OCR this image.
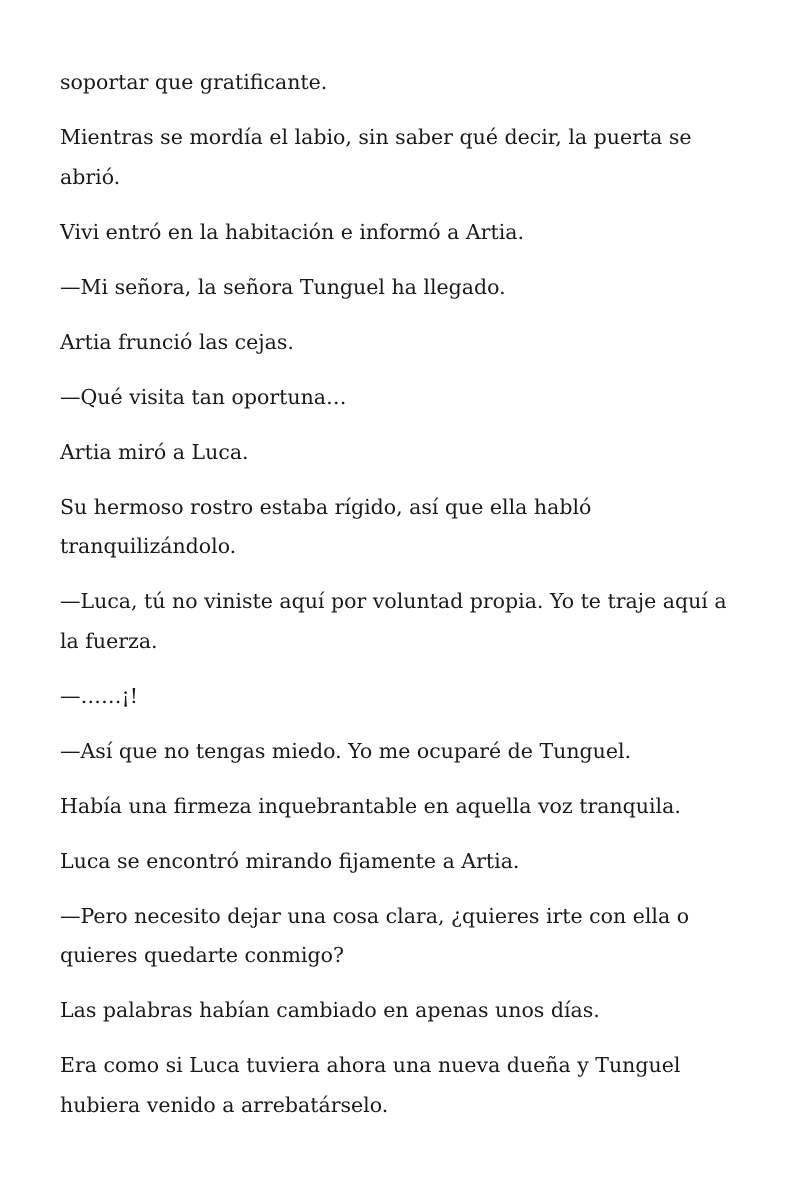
soportar que gratificante.

Mientras se mordía el labio, sin saber qué decir, la puerta se abrió.

Vivi entró en la habitación e informó a Artia.

—Mi señora, la señora Tunguel ha llegado.

Artia frunció las cejas.

—Qué visita tan oportuna…

Artia miró a Luca.

Su hermoso rostro estaba rígido, así que ella habló tranquilizándolo.

—Luca, tú no viniste aquí por voluntad propia. Yo te traje aquí a la fuerza.

—……¡!

—Así que no tengas miedo. Yo me ocuparé de Tunguel.

Había una firmeza inquebrantable en aquella voz tranquila.

Luca se encontró mirando fijamente a Artia.

—Pero necesito dejar una cosa clara, ¿quieres irte con ella o quieres quedarte conmigo?

Las palabras habían cambiado en apenas unos días.

Era como si Luca tuviera ahora una nueva dueña y Tunguel hubiera venido a arrebatárselo.
